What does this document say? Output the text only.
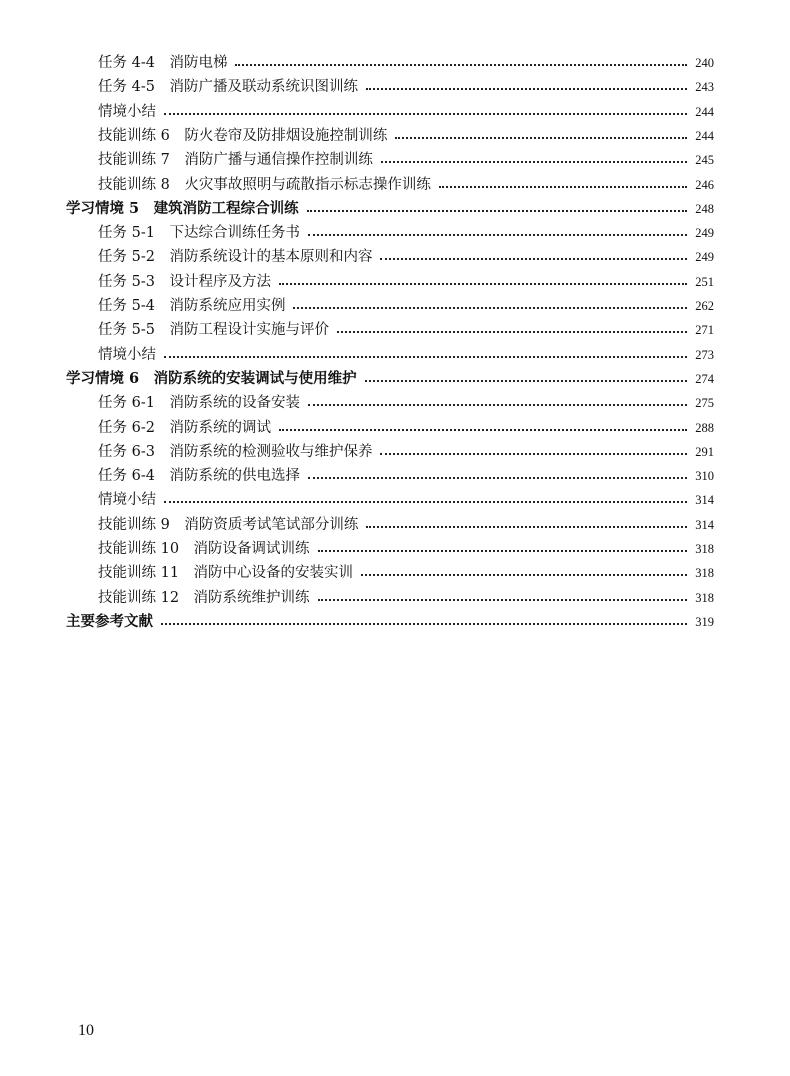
任务 4-4　消防电梯	240
任务 4-5　消防广播及联动系统识图训练	243
情境小结	244
技能训练 6　防火卷帘及防排烟设施控制训练	244
技能训练 7　消防广播与通信操作控制训练	245
技能训练 8　火灾事故照明与疏散指示标志操作训练	246
学习情境 5　建筑消防工程综合训练	248
任务 5-1　下达综合训练任务书	249
任务 5-2　消防系统设计的基本原则和内容	249
任务 5-3　设计程序及方法	251
任务 5-4　消防系统应用实例	262
任务 5-5　消防工程设计实施与评价	271
情境小结	273
学习情境 6　消防系统的安装调试与使用维护	274
任务 6-1　消防系统的设备安装	275
任务 6-2　消防系统的调试	288
任务 6-3　消防系统的检测验收与维护保养	291
任务 6-4　消防系统的供电选择	310
情境小结	314
技能训练 9　消防资质考试笔试部分训练	314
技能训练 10　消防设备调试训练	318
技能训练 11　消防中心设备的安装实训	318
技能训练 12　消防系统维护训练	318
主要参考文献	319
10
